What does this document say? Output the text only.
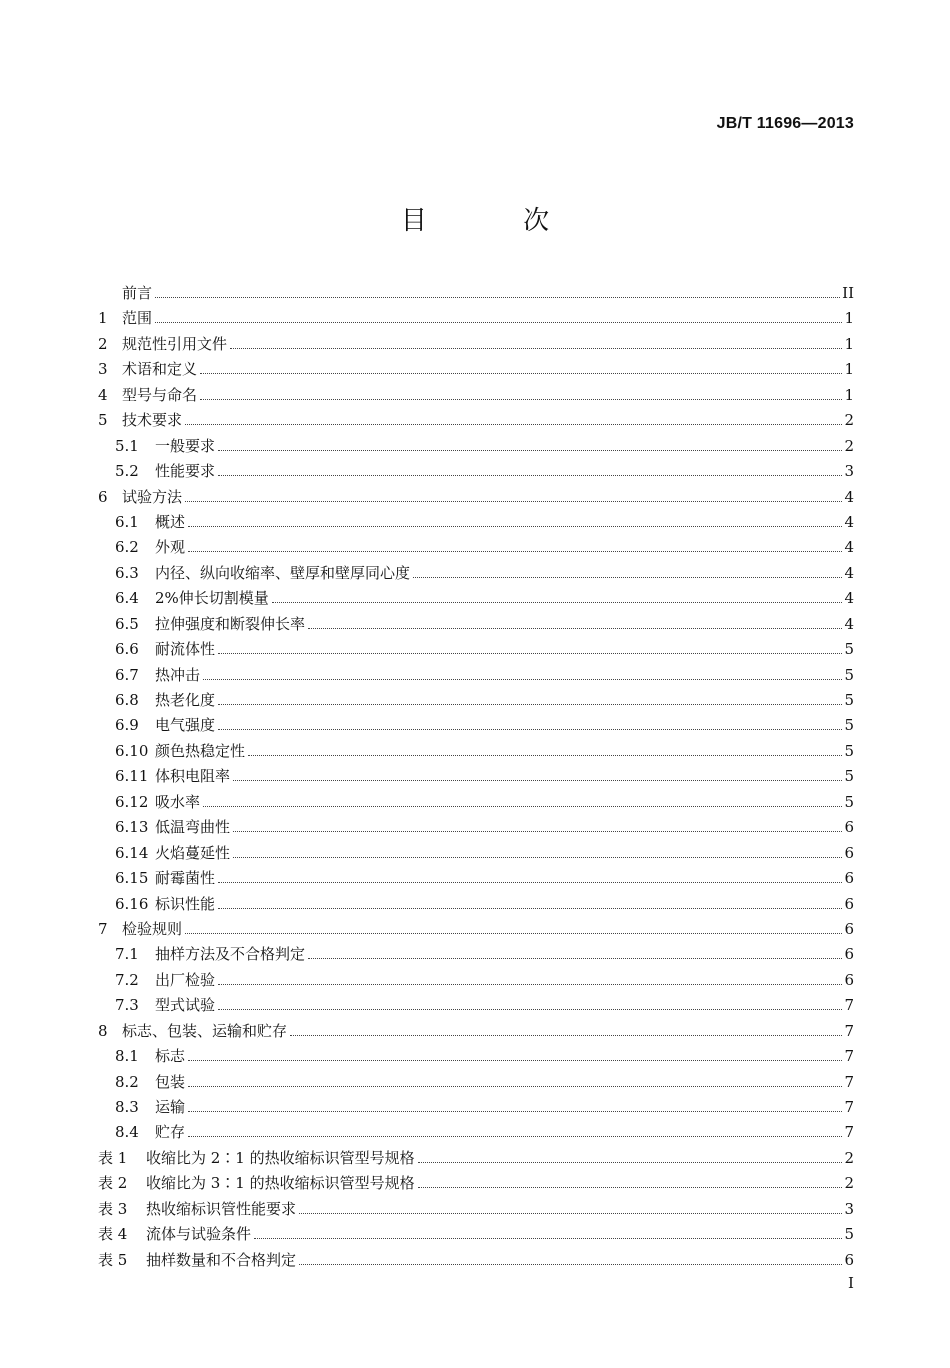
JB/T 11696—2013
目 次
前言	II
1 范围	1
2 规范性引用文件	1
3 术语和定义	1
4 型号与命名	1
5 技术要求	2
5.1	一般要求	2
5.2	性能要求	3
6 试验方法	4
6.1	概述	4
6.2	外观	4
6.3	内径、纵向收缩率、壁厚和壁厚同心度	4
6.4	2%伸长切割模量	4
6.5	拉伸强度和断裂伸长率	4
6.6	耐流体性	5
6.7	热冲击	5
6.8	热老化度	5
6.9	电气强度	5
6.10 颜色热稳定性	5
6.11 体积电阻率	5
6.12 吸水率	5
6.13 低温弯曲性	6
6.14 火焰蔓延性	6
6.15 耐霉菌性	6
6.16 标识性能	6
7 检验规则	6
7.1	抽样方法及不合格判定	6
7.2	出厂检验	6
7.3	型式试验	7
8 标志、包装、运输和贮存	7
8.1	标志	7
8.2	包装	7
8.3	运输	7
8.4	贮存	7
表 1	收缩比为 2∶1 的热收缩标识管型号规格	2
表 2	收缩比为 3∶1 的热收缩标识管型号规格	2
表 3	热收缩标识管性能要求	3
表 4	流体与试验条件	5
表 5	抽样数量和不合格判定	6
I
